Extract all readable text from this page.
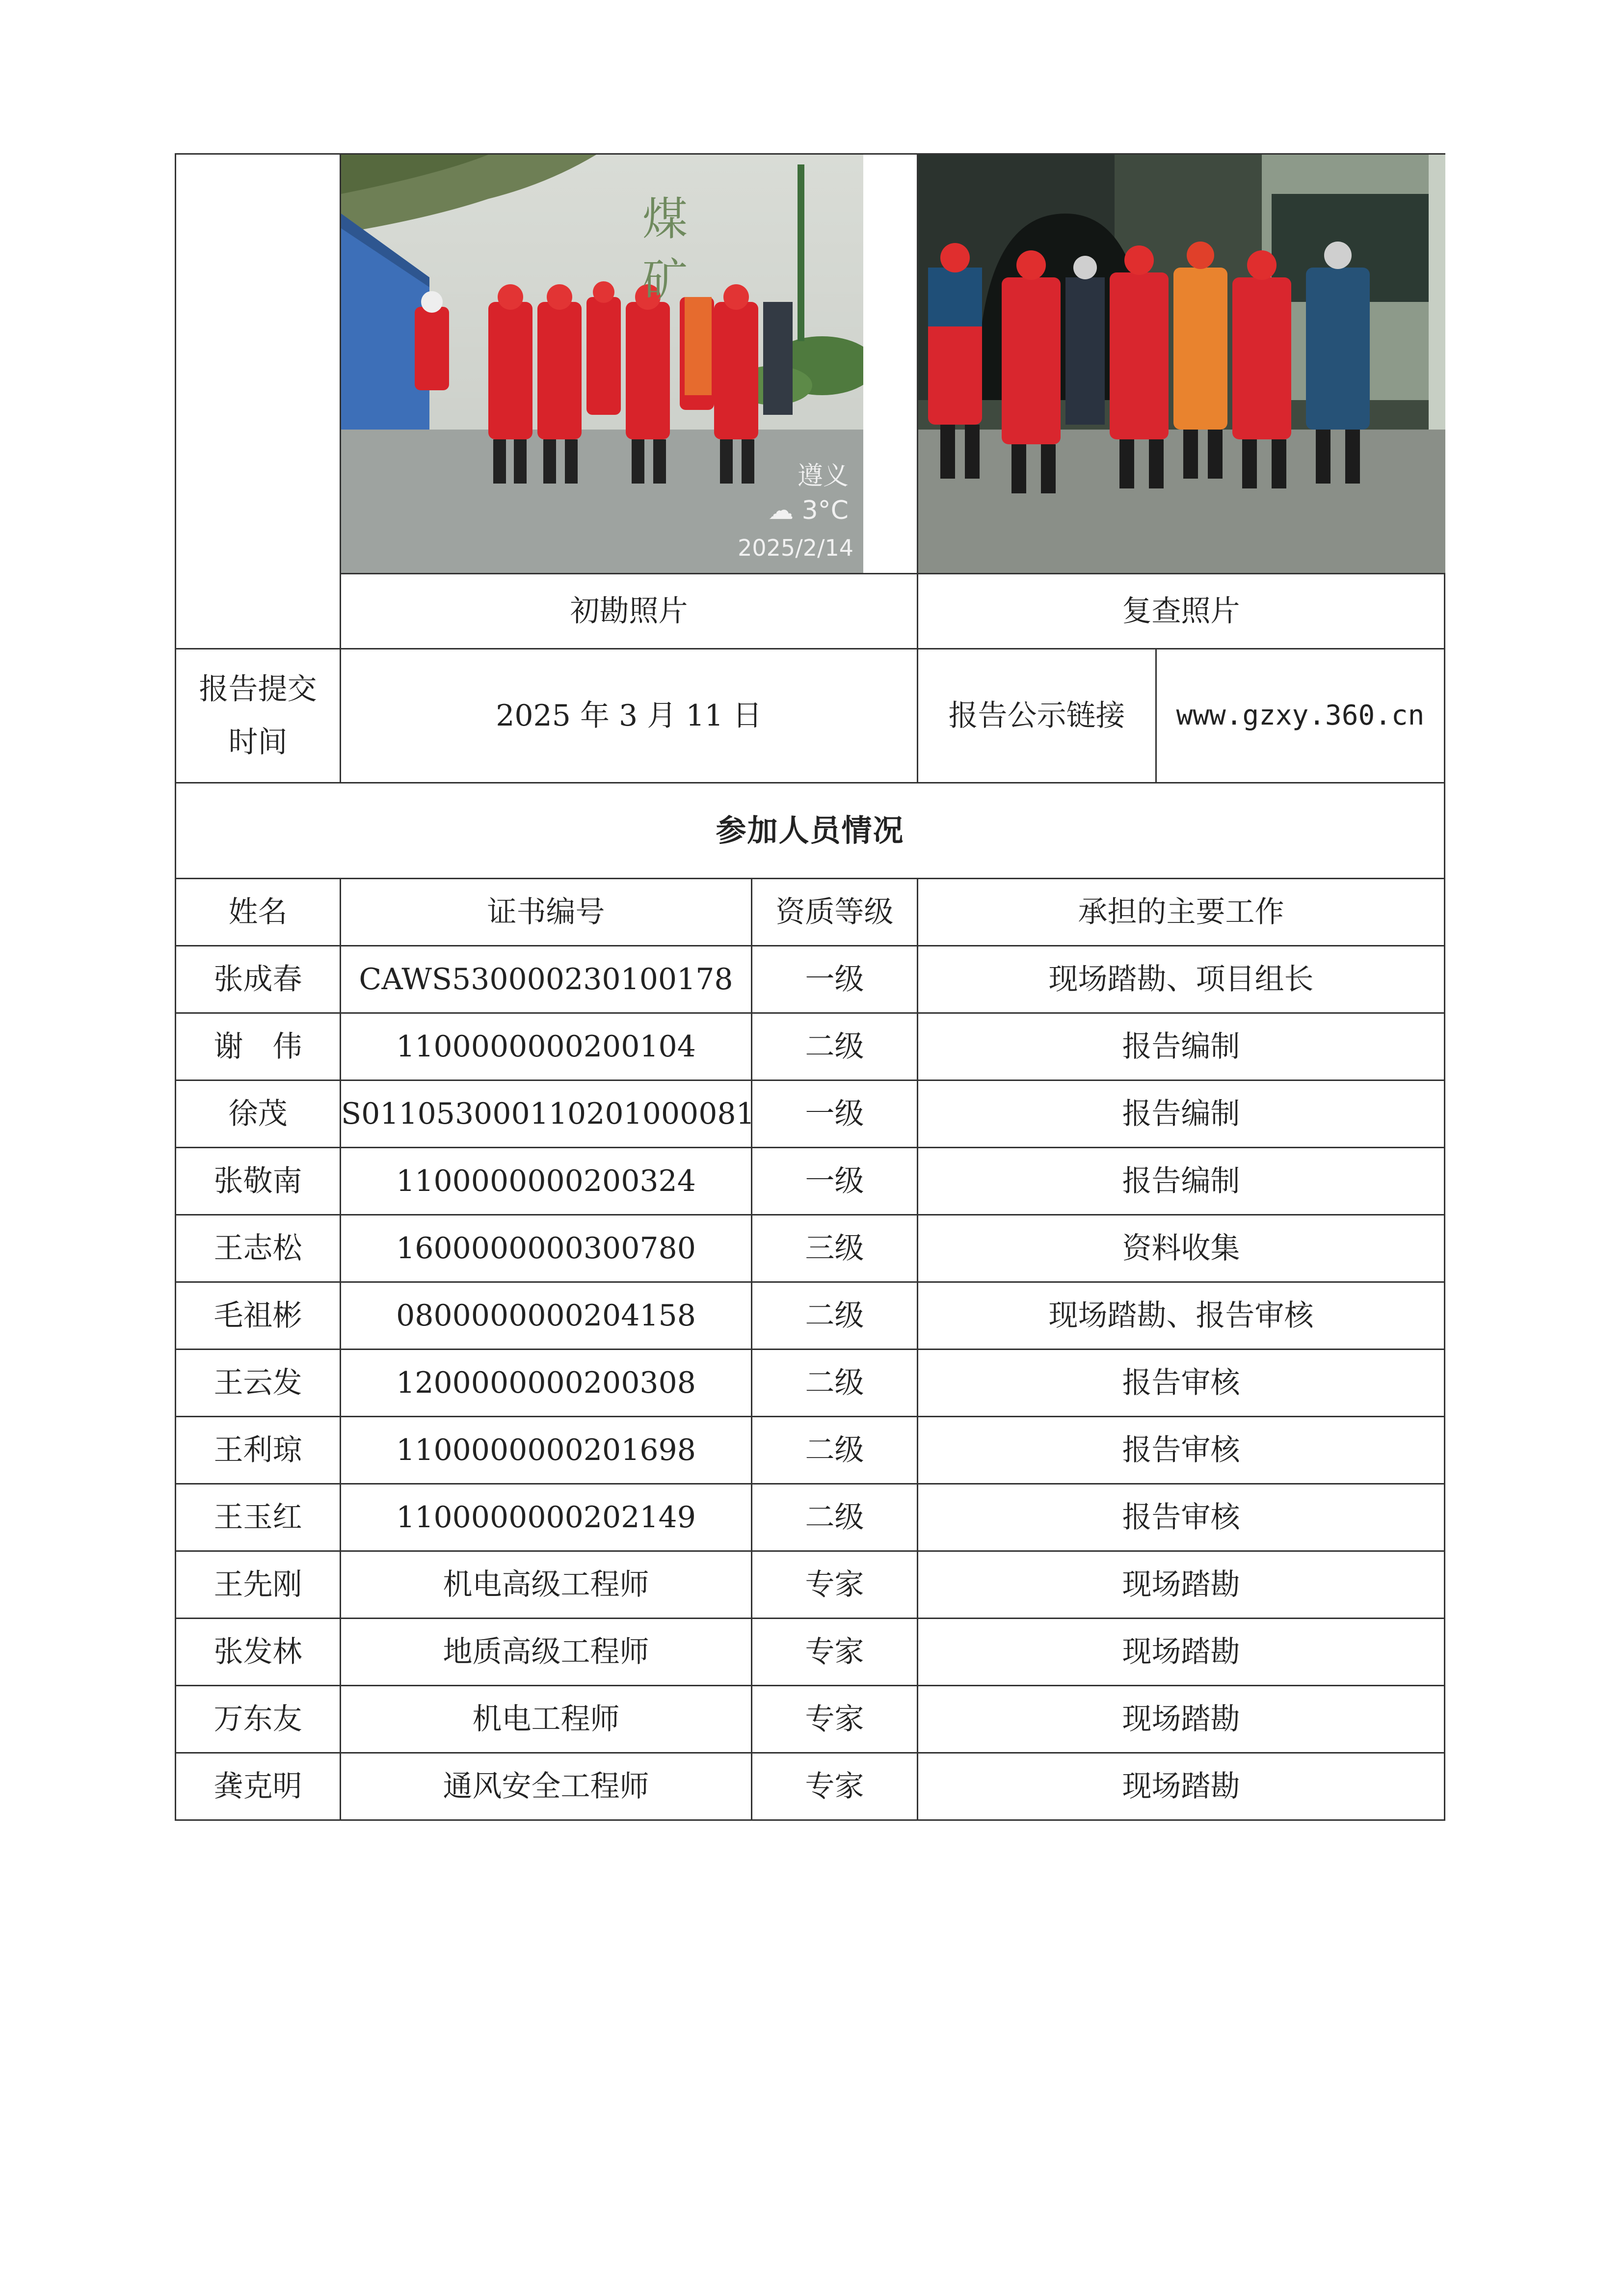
	煤矿
遵义
☁ 3°C
2025/2/14

	初勘照片	复查照片	
报告提交时间	2025 年 3 月 11 日	报告公示链接	www.gzxy.360.cn
参加人员情况			
姓名	证书编号	资质等级	承担的主要工作
张成春	CAWS530000230100178	一级	现场踏勘、项目组长
谢　伟	1100000000200104	二级	报告编制
徐茂	S011053000110201000081	一级	报告编制
张敬南	1100000000200324	一级	报告编制
王志松	1600000000300780	三级	资料收集
毛祖彬	0800000000204158	二级	现场踏勘、报告审核
王云发	1200000000200308	二级	报告审核
王利琼	1100000000201698	二级	报告审核
王玉红	1100000000202149	二级	报告审核
王先刚	机电高级工程师	专家	现场踏勘
张发林	地质高级工程师	专家	现场踏勘
万东友	机电工程师	专家	现场踏勘
龚克明	通风安全工程师	专家	现场踏勘
